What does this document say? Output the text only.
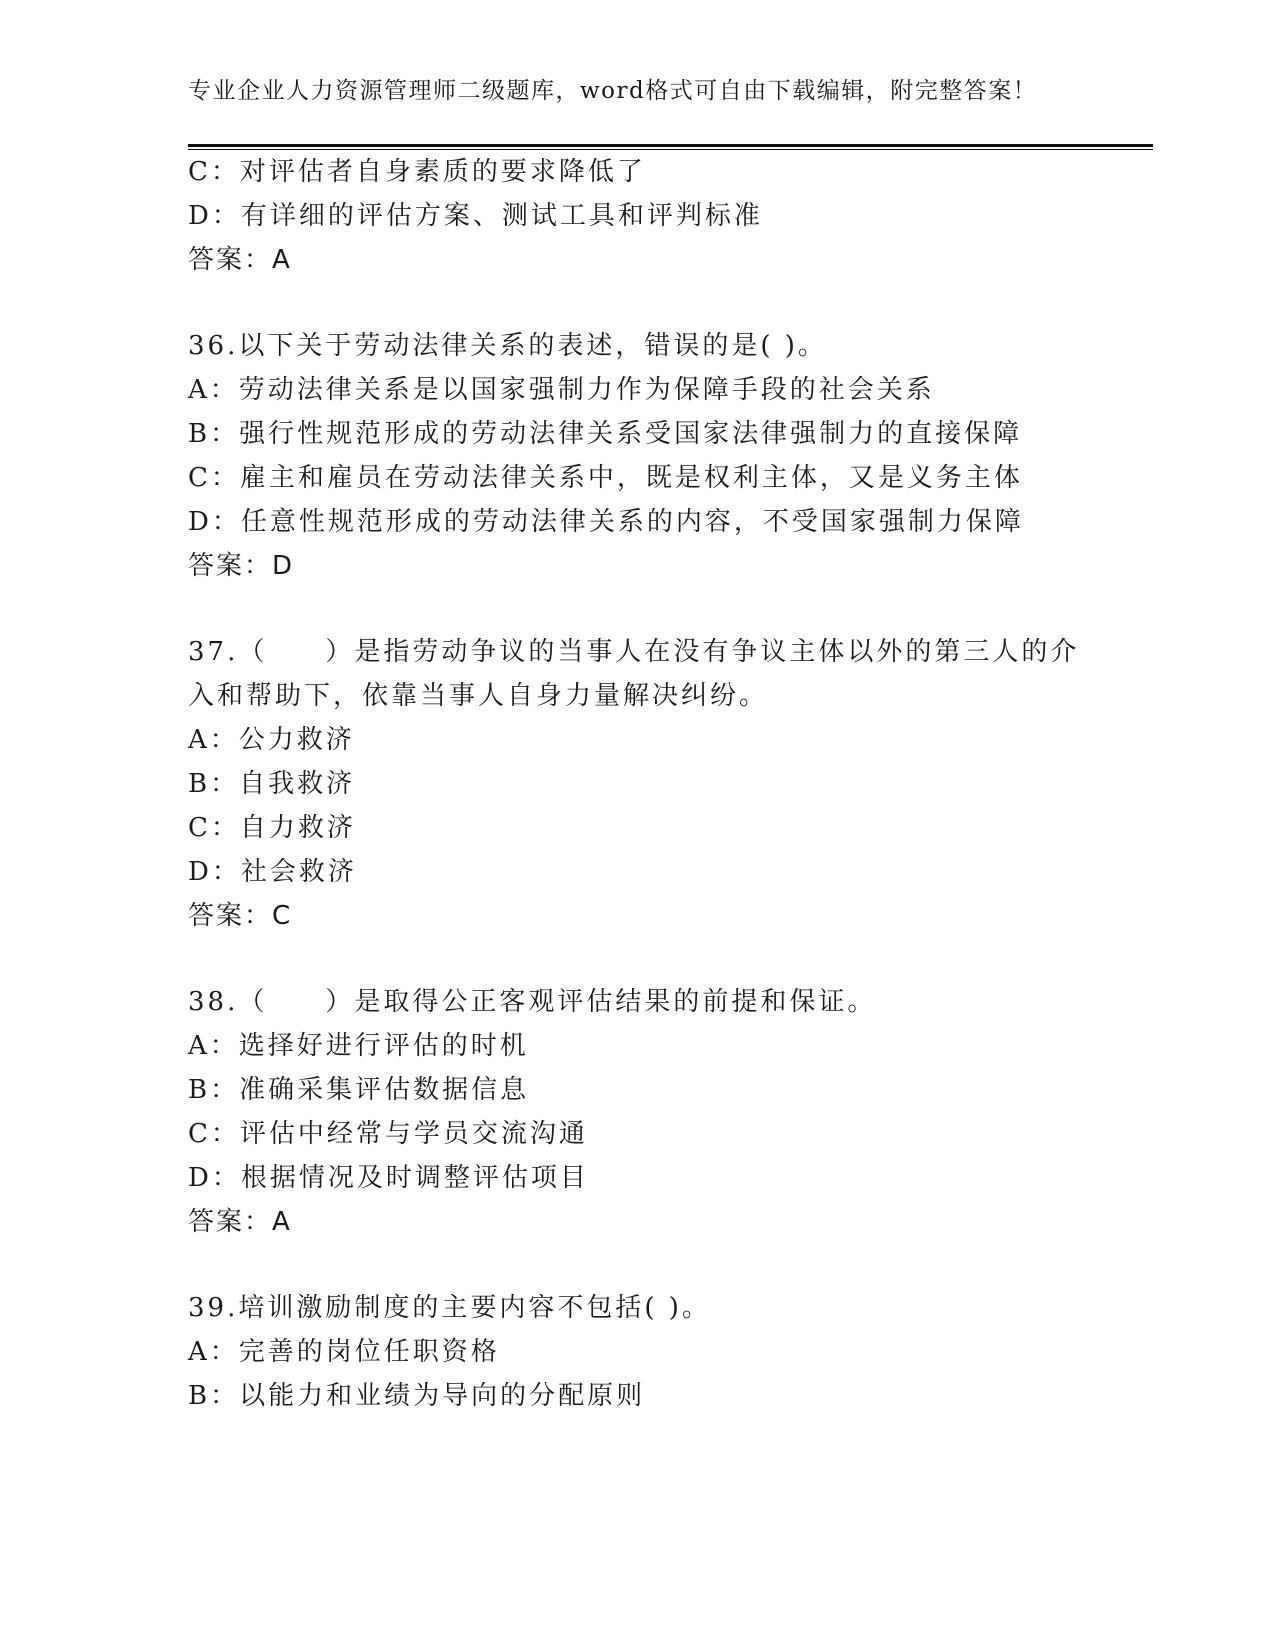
专业企业人力资源管理师二级题库，word格式可自由下载编辑，附完整答案！
C：对评估者自身素质的要求降低了
D：有详细的评估方案、测试工具和评判标准
答案：A
36.以下关于劳动法律关系的表述，错误的是( )。
A：劳动法律关系是以国家强制力作为保障手段的社会关系
B：强行性规范形成的劳动法律关系受国家法律强制力的直接保障
C：雇主和雇员在劳动法律关系中，既是权利主体，又是义务主体
D：任意性规范形成的劳动法律关系的内容，不受国家强制力保障
答案：D
37.（　　）是指劳动争议的当事人在没有争议主体以外的第三人的介
入和帮助下，依靠当事人自身力量解决纠纷。
A：公力救济
B：自我救济
C：自力救济
D：社会救济
答案：C
38.（　　）是取得公正客观评估结果的前提和保证。
A：选择好进行评估的时机
B：准确采集评估数据信息
C：评估中经常与学员交流沟通
D：根据情况及时调整评估项目
答案：A
39.培训激励制度的主要内容不包括( )。
A：完善的岗位任职资格
B：以能力和业绩为导向的分配原则
